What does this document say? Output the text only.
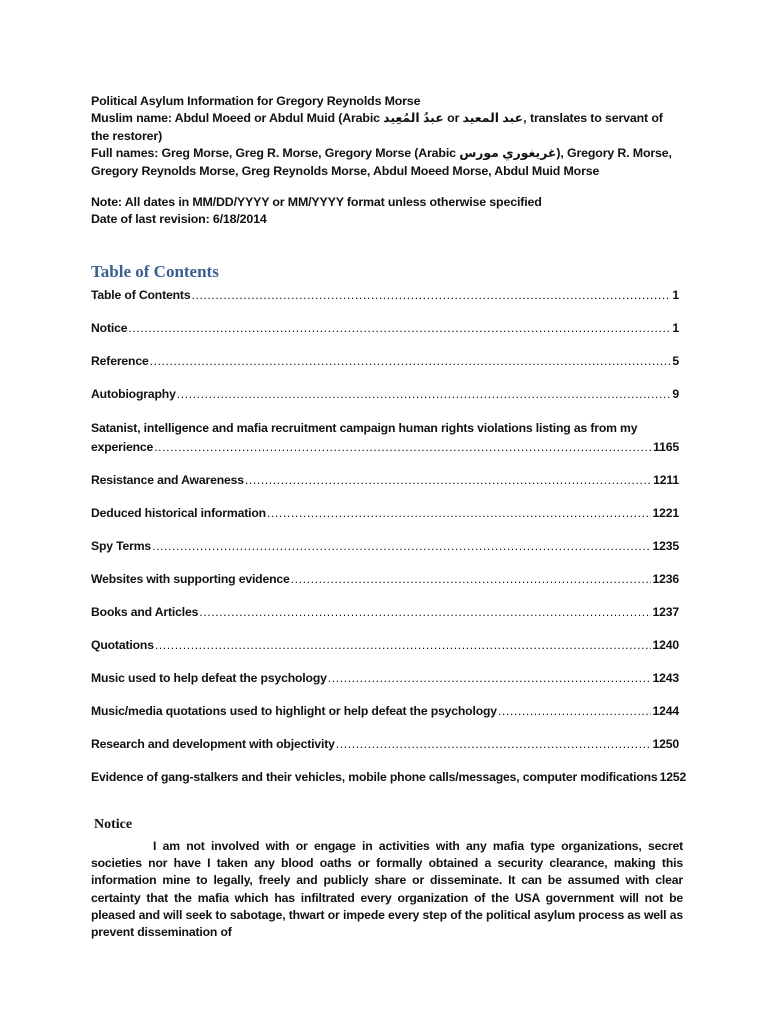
Political Asylum Information for Gregory Reynolds Morse

Muslim name: Abdul Moeed or Abdul Muid (Arabic عبدُ المُعِيد or عبد المعيد, translates to servant of the restorer)

Full names: Greg Morse, Greg R. Morse, Gregory Morse (Arabic غريغوري مورس), Gregory R. Morse, Gregory Reynolds Morse, Greg Reynolds Morse, Abdul Moeed Morse, Abdul Muid Morse

Note: All dates in MM/DD/YYYY or MM/YYYY format unless otherwise specified

Date of last revision: 6/18/2014

Table of Contents
Table of Contents .....	1
Notice .....	1
Reference .....	5
Autobiography .....	9
Satanist, intelligence and mafia recruitment campaign human rights violations listing as from my
experience .....	1165
Resistance and Awareness .....	1211
Deduced historical information .....	1221
Spy Terms .....	1235
Websites with supporting evidence .....	1236
Books and Articles .....	1237
Quotations .....	1240
Music used to help defeat the psychology .....	1243
Music/media quotations used to highlight or help defeat the psychology .....	1244
Research and development with objectivity .....	1250
Evidence of gang-stalkers and their vehicles, mobile phone calls/messages, computer modifications 1252
Notice

I am not involved with or engage in activities with any mafia type organizations, secret societies nor have I taken any blood oaths or formally obtained a security clearance, making this information mine to legally, freely and publicly share or disseminate. It can be assumed with clear certainty that the mafia which has infiltrated every organization of the USA government will not be pleased and will seek to sabotage, thwart or impede every step of the political asylum process as well as prevent dissemination of
